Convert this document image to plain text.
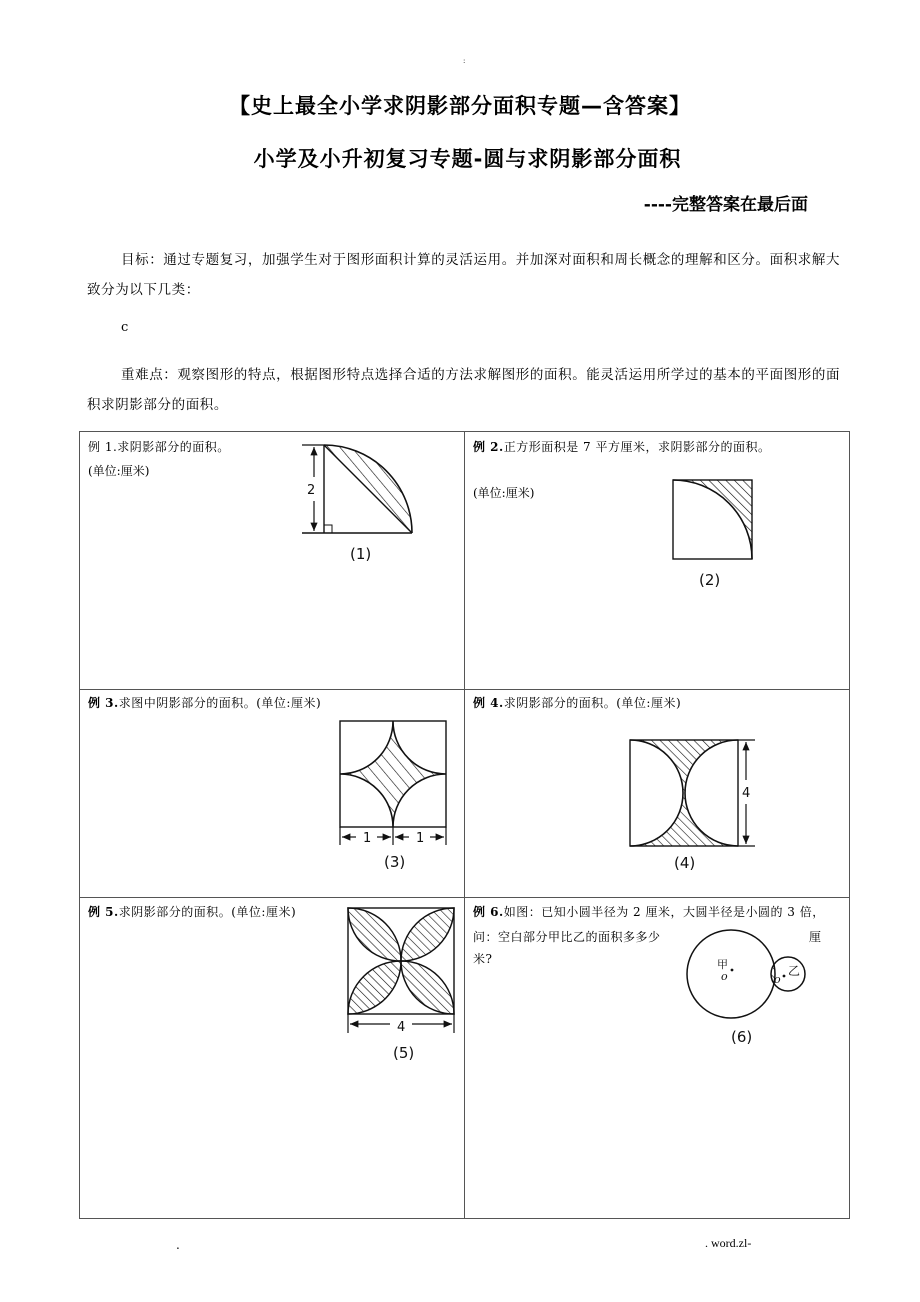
:
【史上最全小学求阴影部分面积专题—含答案】
小学及小升初复习专题-圆与求阴影部分面积
----完整答案在最后面
目标：通过专题复习，加强学生对于图形面积计算的灵活运用。并加深对面积和周长概念的理解和区分。面积求解大致分为以下几类：
c
重难点：观察图形的特点，根据图形特点选择合适的方法求解图形的面积。能灵活运用所学过的基本的平面图形的面积求阴影部分的面积。
例 1.求阴影部分的面积。
(单位:厘米)
2
(1)

例 2.正方形面积是 7 平方厘米，求阴影部分的面积。
(单位:厘米)
(2)

例 3.求图中阴影部分的面积。(单位:厘米)
1 1
(3)	例 4.求阴影部分的面积。(单位:厘米)
4
(4)

例 5.求阴影部分的面积。(单位:厘米)
4
(5)

例 6.如图：已知小圆半径为 2 厘米，大圆半径是小圆的 3 倍，
问：空白部分甲比乙的面积多多少	厘
米?	甲
o	o
乙
(6)
.	. word.zl-
